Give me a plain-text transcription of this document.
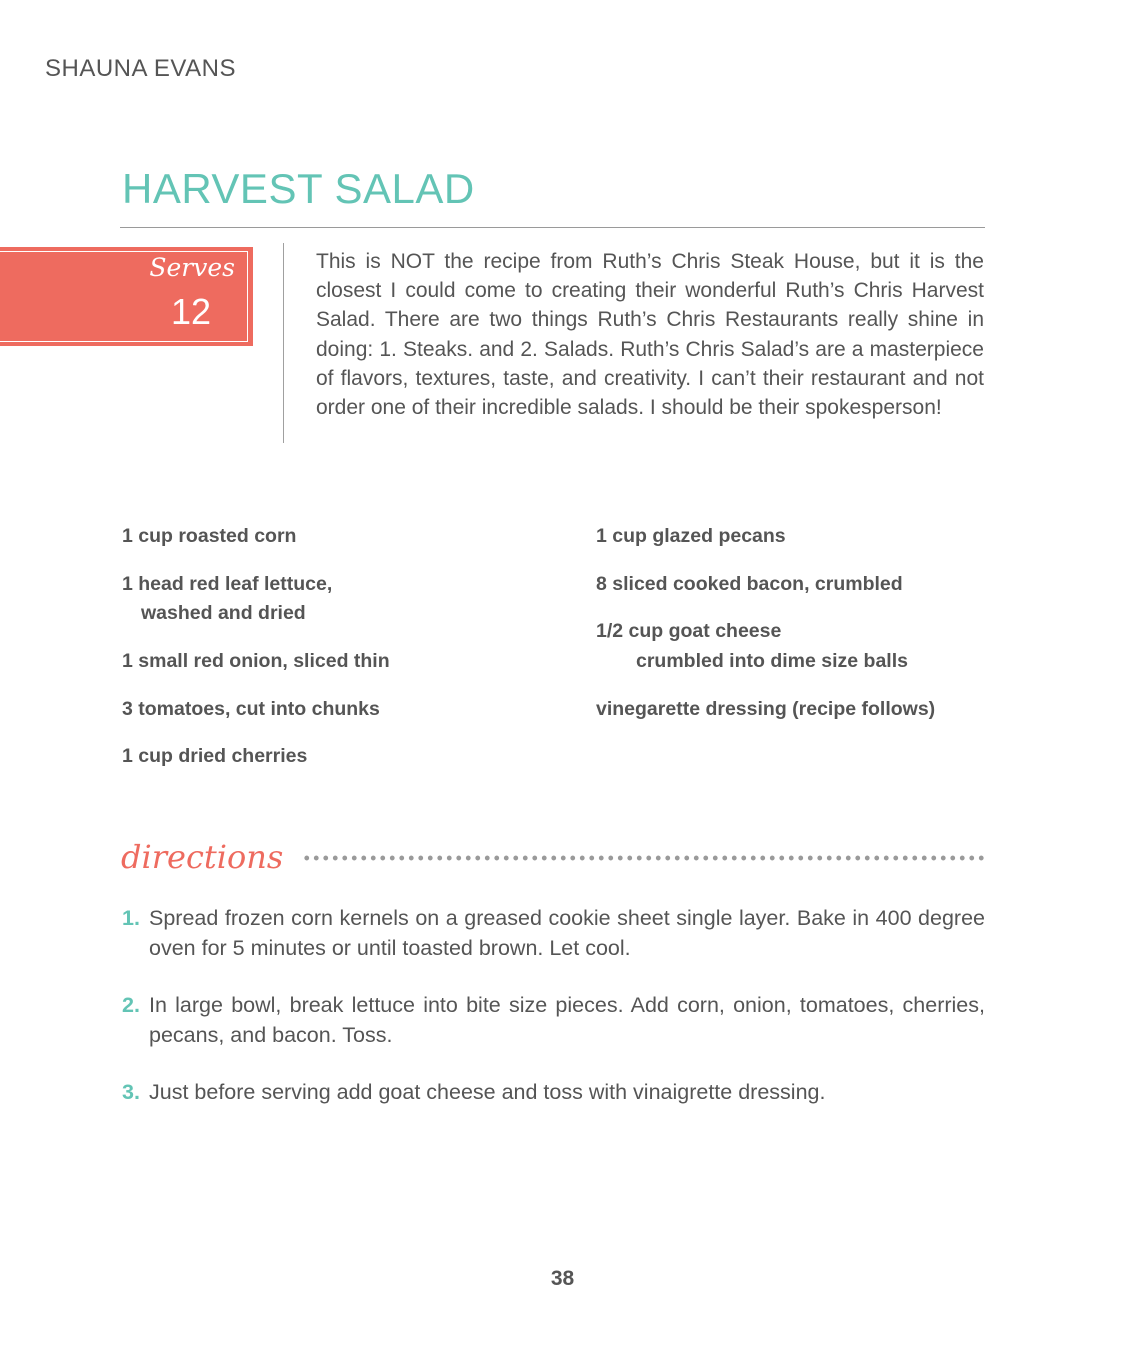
SHAUNA EVANS
HARVEST SALAD
Serves
12

This is NOT the recipe from Ruth’s Chris Steak House, but it is the closest I could come to creating their wonderful Ruth’s Chris Harvest Salad. There are two things Ruth’s Chris Restaurants really shine in doing: 1. Steaks. and 2. Salads. Ruth’s Chris Salad’s are a masterpiece of flavors, textures, taste, and creativity. I can’t their restaurant and not order one of their incredible salads. I should be their spokesperson!

1 cup roasted corn
1 head red leaf lettuce,
washed and dried
1 small red onion, sliced thin
3 tomatoes, cut into chunks
1 cup dried cherries
1 cup glazed pecans
8 sliced cooked bacon, crumbled
1/2 cup goat cheese
crumbled into dime size balls
vinegarette dressing (recipe follows)
directions
1. Spread frozen corn kernels on a greased cookie sheet single layer. Bake in 400 degree oven for 5 minutes or until toasted brown. Let cool.
2. In large bowl, break lettuce into bite size pieces. Add corn, onion, tomatoes, cherries, pecans, and bacon. Toss.
3. Just before serving add goat cheese and toss with vinaigrette dressing.
38
